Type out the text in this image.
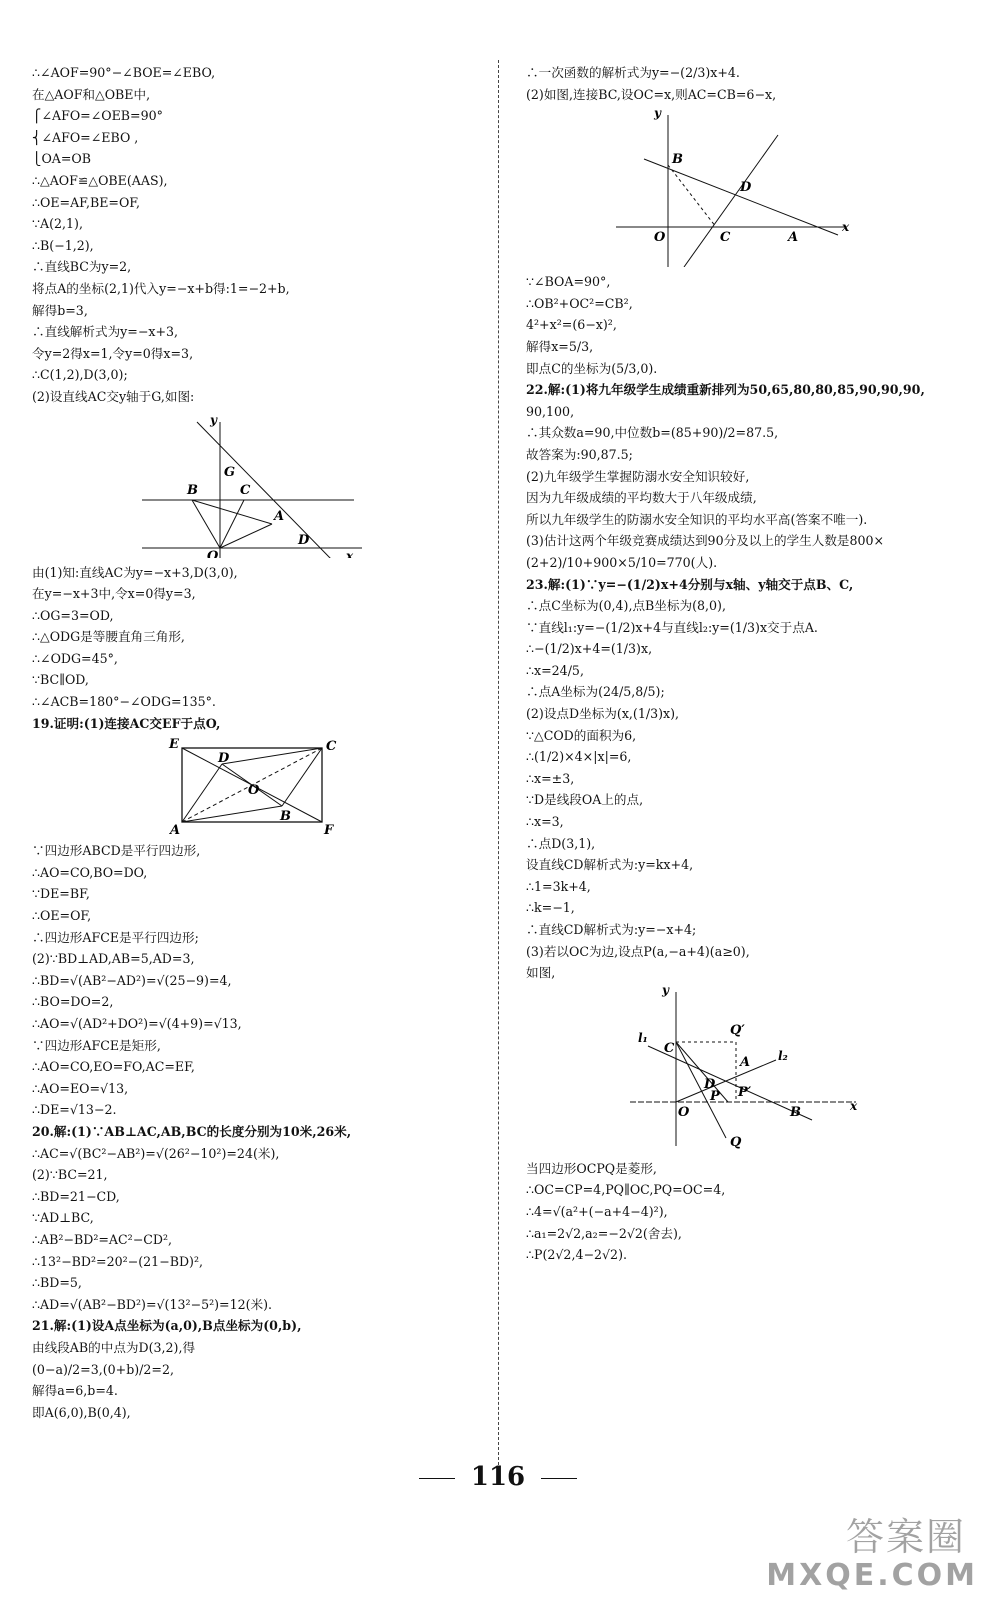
∴∠AOF=90°−∠BOE=∠EBO,
在△AOF和△OBE中,
⎧∠AFO=∠OEB=90°
⎨∠AFO=∠EBO ,
⎩OA=OB
∴△AOF≌△OBE(AAS),
∴OE=AF,BE=OF,
∵A(2,1),
∴B(−1,2),
∴直线BC为y=2,
将点A的坐标(2,1)代入y=−x+b得:1=−2+b,
解得b=3,
∴直线解析式为y=−x+3,
令y=2得x=1,令y=0得x=3,
∴C(1,2),D(3,0);
(2)设直线AC交y轴于G,如图:
y
x
G
B	C
A
D
O
由(1)知:直线AC为y=−x+3,D(3,0),
在y=−x+3中,令x=0得y=3,
∴OG=3=OD,
∴△ODG是等腰直角三角形,
∴∠ODG=45°,
∵BC∥OD,
∴∠ACB=180°−∠ODG=135°.
19.证明:(1)连接AC交EF于点O,
E
D
C
O
A
B
F
∵四边形ABCD是平行四边形,
∴AO=CO,BO=DO,
∵DE=BF,
∴OE=OF,
∴四边形AFCE是平行四边形;
(2)∵BD⊥AD,AB=5,AD=3,
∴BD=√(AB²−AD²)=√(25−9)=4,
∴BO=DO=2,
∴AO=√(AD²+DO²)=√(4+9)=√13,
∵四边形AFCE是矩形,
∴AO=CO,EO=FO,AC=EF,
∴AO=EO=√13,
∴DE=√13−2.
20.解:(1)∵AB⊥AC,AB,BC的长度分别为10米,26米,
∴AC=√(BC²−AB²)=√(26²−10²)=24(米),
(2)∵BC=21,
∴BD=21−CD,
∵AD⊥BC,
∴AB²−BD²=AC²−CD²,
∴13²−BD²=20²−(21−BD)²,
∴BD=5,
∴AD=√(AB²−BD²)=√(13²−5²)=12(米).
21.解:(1)设A点坐标为(a,0),B点坐标为(0,b),
由线段AB的中点为D(3,2),得
(0−a)/2=3,(0+b)/2=2,
解得a=6,b=4.
即A(6,0),B(0,4),
∴一次函数的解析式为y=−(2/3)x+4.
(2)如图,连接BC,设OC=x,则AC=CB=6−x,
y
x
B
D
O	C	A
∵∠BOA=90°,
∴OB²+OC²=CB²,
4²+x²=(6−x)²,
解得x=5/3,
即点C的坐标为(5/3,0).
22.解:(1)将九年级学生成绩重新排列为50,65,80,80,85,90,90,90,
90,100,
∴其众数a=90,中位数b=(85+90)/2=87.5,
故答案为:90,87.5;
(2)九年级学生掌握防溺水安全知识较好,
因为九年级成绩的平均数大于八年级成绩,
所以九年级学生的防溺水安全知识的平均水平高(答案不唯一).
(3)估计这两个年级竞赛成绩达到90分及以上的学生人数是800×
(2+2)/10+900×5/10=770(人).
23.解:(1)∵y=−(1/2)x+4分别与x轴、y轴交于点B、C,
∴点C坐标为(0,4),点B坐标为(8,0),
∵直线l₁:y=−(1/2)x+4与直线l₂:y=(1/3)x交于点A.
∴−(1/2)x+4=(1/3)x,
∴x=24/5,
∴点A坐标为(24/5,8/5);
(2)设点D坐标为(x,(1/3)x),
∵△COD的面积为6,
∴(1/2)×4×|x|=6,
∴x=±3,
∵D是线段OA上的点,
∴x=3,
∴点D(3,1),
设直线CD解析式为:y=kx+4,
∴1=3k+4,
∴k=−1,
∴直线CD解析式为:y=−x+4;
(3)若以OC为边,设点P(a,−a+4)(a≥0),
如图,
y
x
l₁
l₂
Q′
C
A
D
P P′
O	B
Q
当四边形OCPQ是菱形,
∴OC=CP=4,PQ∥OC,PQ=OC=4,
∴4=√(a²+(−a+4−4)²),
∴a₁=2√2,a₂=−2√2(舍去),
∴P(2√2,4−2√2).
116
答案圈
MXQE.COM
